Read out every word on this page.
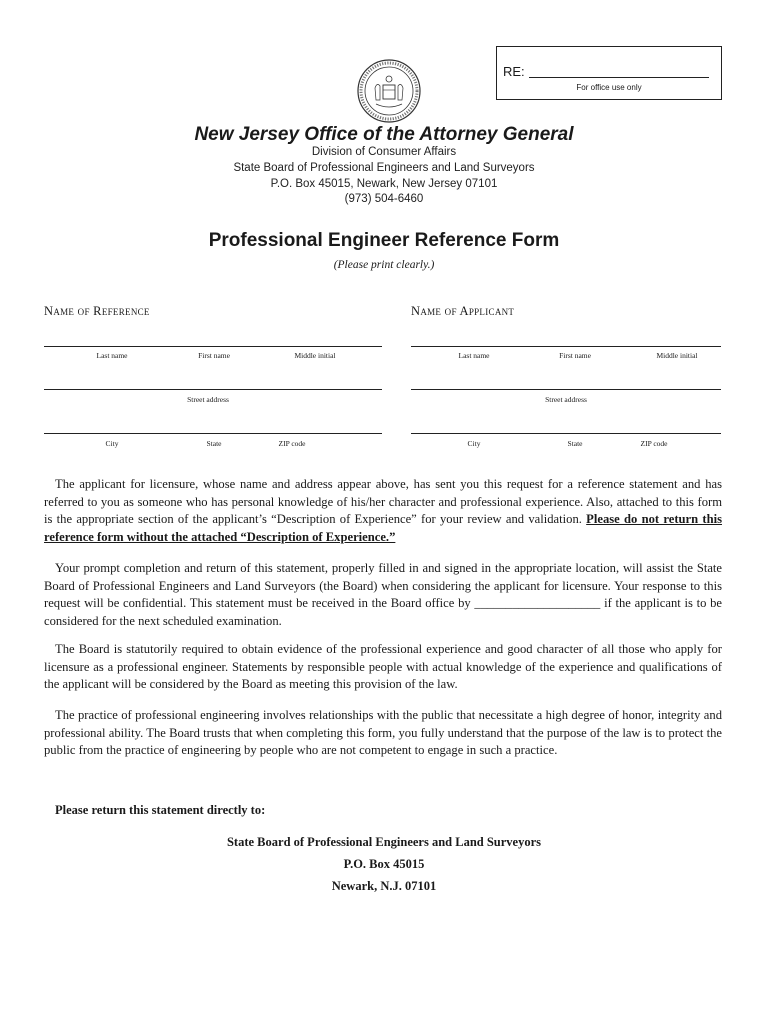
RE:
For office use only
New Jersey Office of the Attorney General
Division of Consumer Affairs
State Board of Professional Engineers and Land Surveyors
P.O. Box 45015, Newark, New Jersey 07101
(973) 504-6460
Professional Engineer Reference Form
(Please print clearly.)
Name of Reference
Last name	First name	Middle initial
Street address
City	State	ZIP code
Name of Applicant
Last name	First name	Middle initial
Street address
City	State	ZIP code
The applicant for licensure, whose name and address appear above, has sent you this request for a reference statement and has referred to you as someone who has personal knowledge of his/her character and professional experience. Also, attached to this form is the appropriate section of the applicant’s “Description of Experience” for your review and validation. Please do not return this reference form without the attached “Description of Experience.”
Your prompt completion and return of this statement, properly filled in and signed in the appropriate location, will assist the State Board of Professional Engineers and Land Surveyors (the Board) when considering the applicant for licensure. Your response to this request will be confidential. This statement must be received in the Board office by ____________________ if the applicant is to be considered for the next scheduled examination.
The Board is statutorily required to obtain evidence of the professional experience and good character of all those who apply for licensure as a professional engineer. Statements by responsible people with actual knowledge of the experience and qualifications of the applicant will be considered by the Board as meeting this provision of the law.
The practice of professional engineering involves relationships with the public that necessitate a high degree of honor, integrity and professional ability. The Board trusts that when completing this form, you fully understand that the purpose of the law is to protect the public from the practice of engineering by people who are not competent to engage in such a practice.
Please return this statement directly to:
State Board of Professional Engineers and Land Surveyors
P.O. Box 45015
Newark, N.J. 07101
